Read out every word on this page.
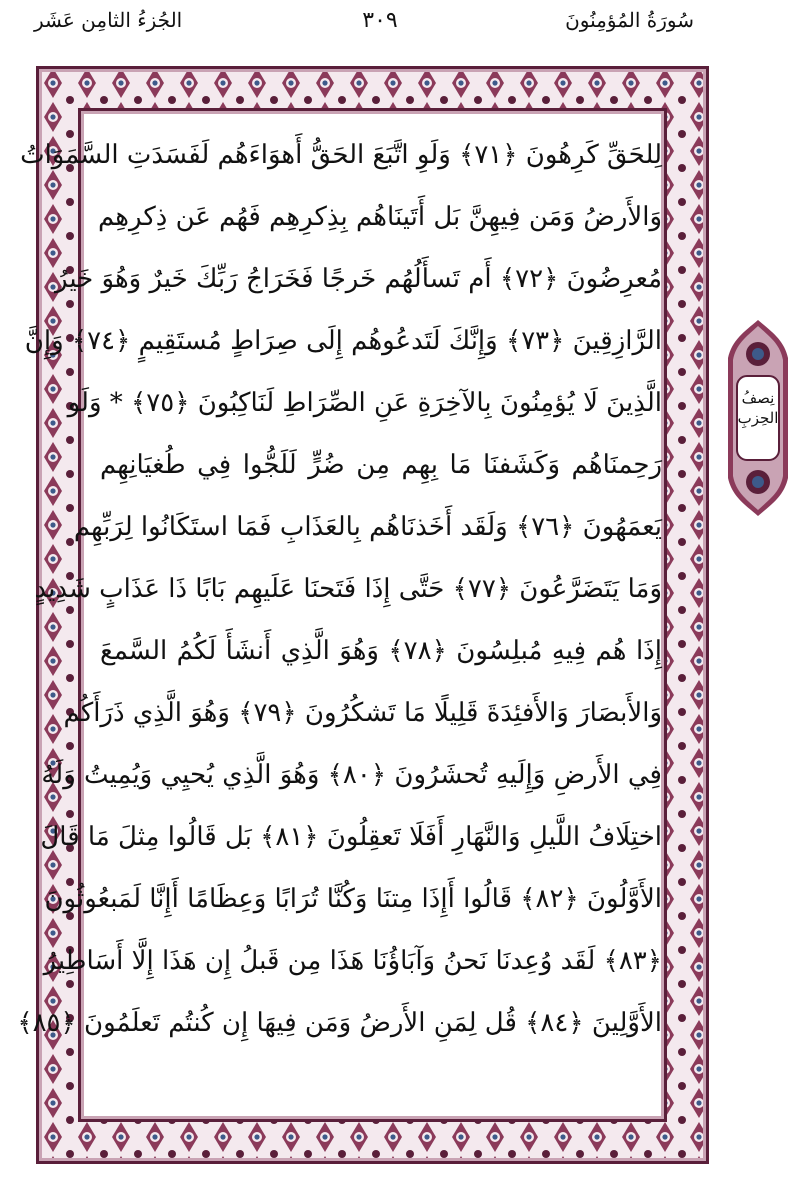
الجُزءُ الثامِن عَشَر	٣٠٩	سُورَةُ المُؤمِنُونَ
لِلحَقِّ كَرِهُونَ ﴿٧١﴾ وَلَوِ اتَّبَعَ الحَقُّ أَهوَاءَهُم لَفَسَدَتِ السَّمَوَاتُ
وَالأَرضُ وَمَن فِيهِنَّ بَل أَتَينَاهُم بِذِكرِهِم فَهُم عَن ذِكرِهِم
مُعرِضُونَ ﴿٧٢﴾ أَم تَسأَلُهُم خَرجًا فَخَرَاجُ رَبِّكَ خَيرٌ وَهُوَ خَيرُ
الرَّازِقِينَ ﴿٧٣﴾ وَإِنَّكَ لَتَدعُوهُم إِلَى صِرَاطٍ مُستَقِيمٍ ﴿٧٤﴾ وَإِنَّ
الَّذِينَ لَا يُؤمِنُونَ بِالآخِرَةِ عَنِ الصِّرَاطِ لَنَاكِبُونَ ﴿٧٥﴾ * وَلَو
رَحِمنَاهُم وَكَشَفنَا مَا بِهِم مِن ضُرٍّ لَلَجُّوا فِي طُغيَانِهِم
يَعمَهُونَ ﴿٧٦﴾ وَلَقَد أَخَذنَاهُم بِالعَذَابِ فَمَا استَكَانُوا لِرَبِّهِم
وَمَا يَتَضَرَّعُونَ ﴿٧٧﴾ حَتَّى إِذَا فَتَحنَا عَلَيهِم بَابًا ذَا عَذَابٍ شَدِيدٍ
إِذَا هُم فِيهِ مُبلِسُونَ ﴿٧٨﴾ وَهُوَ الَّذِي أَنشَأَ لَكُمُ السَّمعَ
وَالأَبصَارَ وَالأَفئِدَةَ قَلِيلًا مَا تَشكُرُونَ ﴿٧٩﴾ وَهُوَ الَّذِي ذَرَأَكُم
فِي الأَرضِ وَإِلَيهِ تُحشَرُونَ ﴿٨٠﴾ وَهُوَ الَّذِي يُحيِي وَيُمِيتُ وَلَهُ
اختِلَافُ اللَّيلِ وَالنَّهَارِ أَفَلَا تَعقِلُونَ ﴿٨١﴾ بَل قَالُوا مِثلَ مَا قَالَ
الأَوَّلُونَ ﴿٨٢﴾ قَالُوا أَإِذَا مِتنَا وَكُنَّا تُرَابًا وَعِظَامًا أَإِنَّا لَمَبعُوثُونَ
﴿٨٣﴾ لَقَد وُعِدنَا نَحنُ وَآبَاؤُنَا هَذَا مِن قَبلُ إِن هَذَا إِلَّا أَسَاطِيرُ
الأَوَّلِينَ ﴿٨٤﴾ قُل لِمَنِ الأَرضُ وَمَن فِيهَا إِن كُنتُم تَعلَمُونَ ﴿٨٥﴾
نِصفُ
الحِزبِ
